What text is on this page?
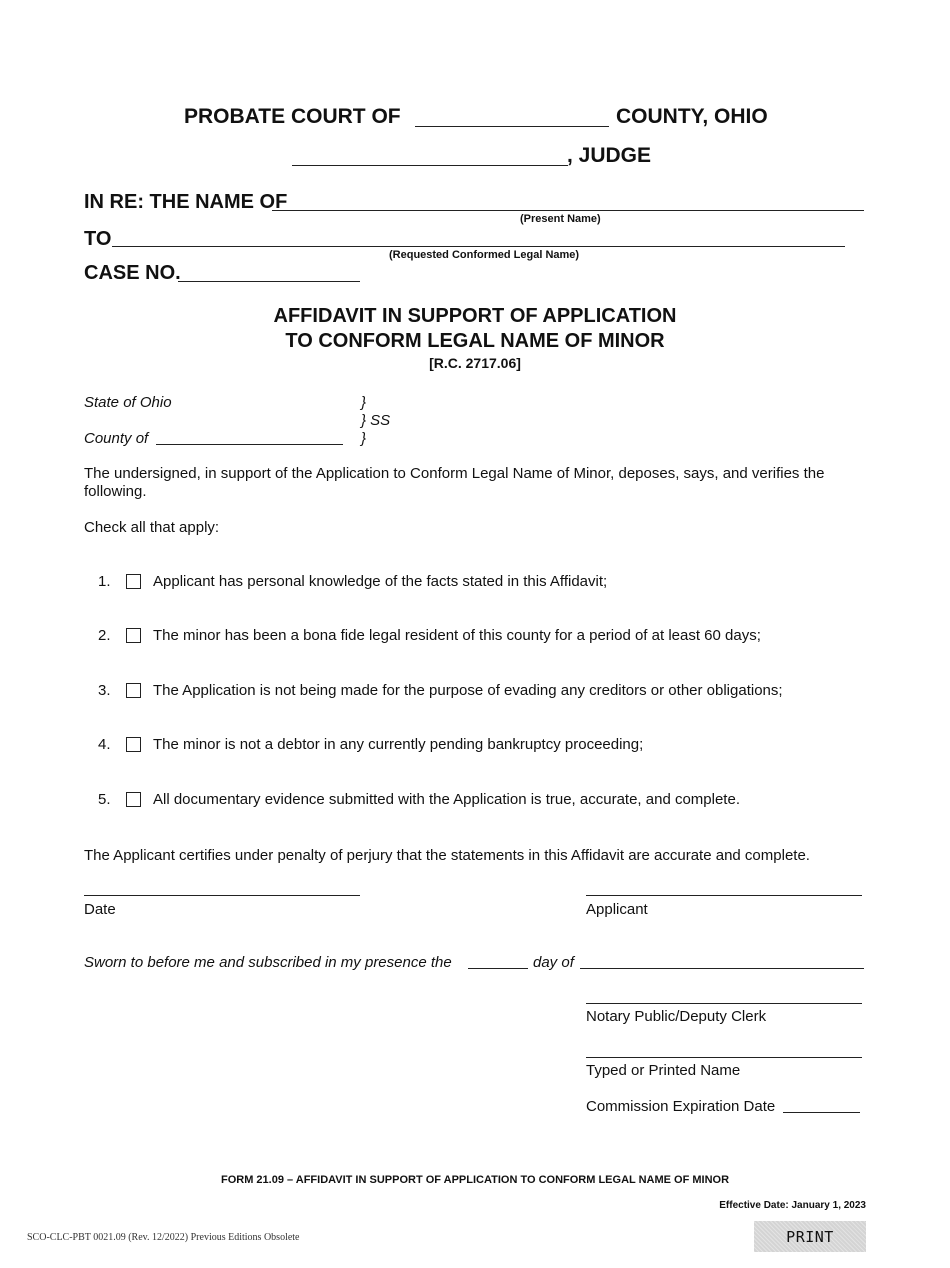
PROBATE COURT OF	COUNTY, OHIO
, JUDGE
IN RE: THE NAME OF
(Present Name)
TO
(Requested Conformed Legal Name)
CASE NO.
AFFIDAVIT IN SUPPORT OF APPLICATION
TO CONFORM LEGAL NAME OF MINOR
[R.C. 2717.06]
State of Ohio
County of
}
} SS
}
The undersigned, in support of the Application to Conform Legal Name of Minor, deposes, says, and verifies the following.
Check all that apply:
1.	Applicant has personal knowledge of the facts stated in this Affidavit;
2.	The minor has been a bona fide legal resident of this county for a period of at least 60 days;
3.	The Application is not being made for the purpose of evading any creditors or other obligations;
4.	The minor is not a debtor in any currently pending bankruptcy proceeding;
5.	All documentary evidence submitted with the Application is true, accurate, and complete.
The Applicant certifies under penalty of perjury that the statements in this Affidavit are accurate and complete.
Date	Applicant
Sworn to before me and subscribed in my presence the	day of
Notary Public/Deputy Clerk
Typed or Printed Name
Commission Expiration Date
FORM 21.09 – AFFIDAVIT IN SUPPORT OF APPLICATION TO CONFORM LEGAL NAME OF MINOR
Effective Date: January 1, 2023
SCO-CLC-PBT 0021.09 (Rev. 12/2022) Previous Editions Obsolete	PRINT
